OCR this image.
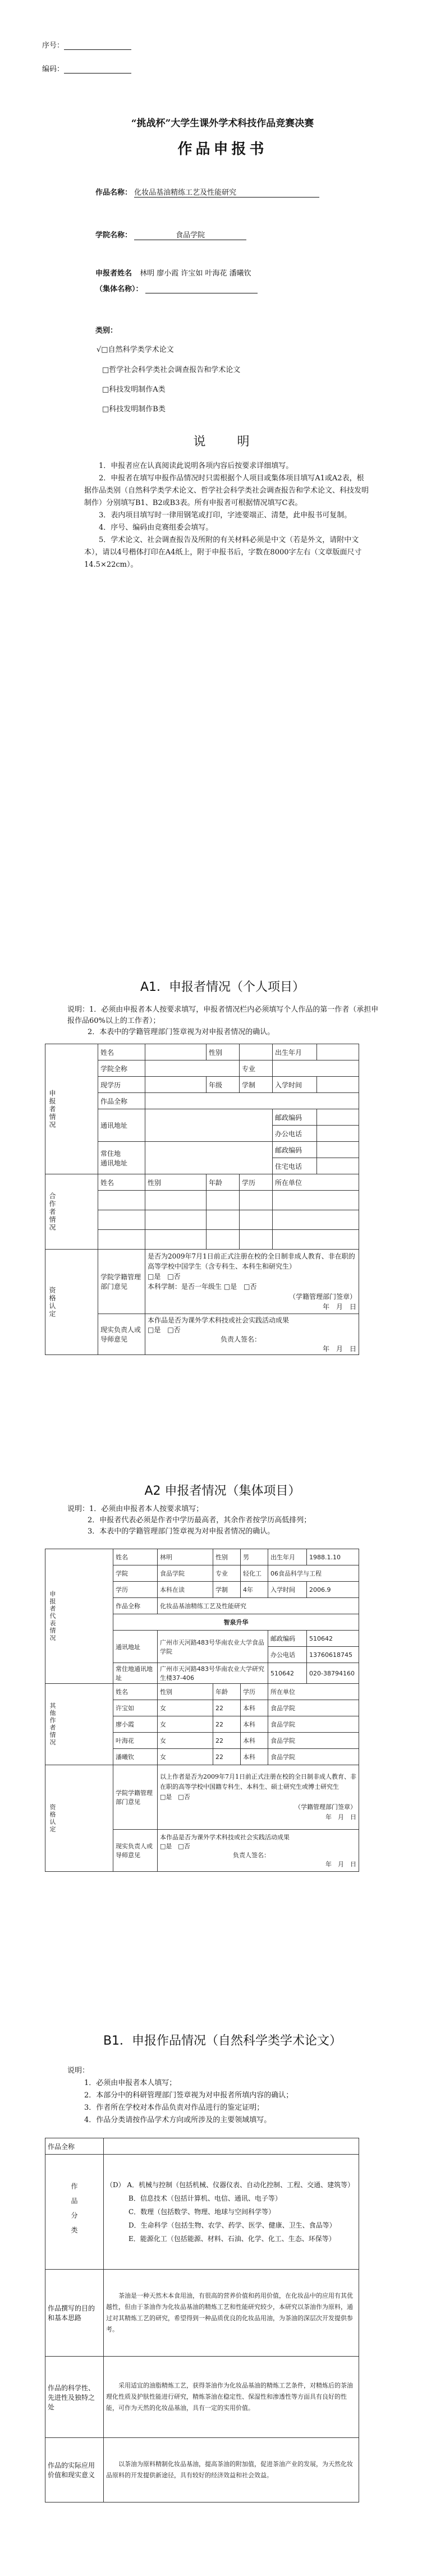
序号：
编码：
“挑战杯”大学生课外学术科技作品竞赛决赛
作品申报书
作品名称： 化妆品基油精练工艺及性能研究
学院名称：	食品学院
申报者姓名 林明 廖小霞 许宝如 叶海花 潘曦钦
（集体名称）：
类别：
√□自然科学类学术论文
□哲学社会科学类社会调查报告和学术论文
□科技发明制作A类
□科技发明制作B类
说　　明
1．申报者应在认真阅读此说明各项内容后按要求详细填写。
2．申报者在填写申报作品情况时只需根据个人项目或集体项目填写A1或A2表，根据作品类别（自然科学类学术论文、哲学社会科学类社会调查报告和学术论文、科技发明制作）分别填写B1、B2或B3表。所有申报者可根据情况填写C表。
3．表内项目填写时一律用钢笔或打印，字迹要端正、清楚，此申报书可复制。
4．序号、编码由竞赛组委会填写。
5．学术论文、社会调查报告及所附的有关材料必须是中文（若是外文，请附中文本），请以4号楷体打印在A4纸上，附于申报书后，字数在8000字左右（文章版面尺寸14.5×22cm）。
A1．申报者情况（个人项目）
说明：1．必须由申报者本人按要求填写，申报者情况栏内必须填写个人作品的第一作者（承担申报作品60%以上的工作者）；
2．本表中的学籍管理部门签章视为对申报者情况的确认。
申报者情况	姓名		性别		出生年月	
	学院全称			专业		
	现学历		年级	学制	入学时间	
	作品全称					
	通讯地址				邮政编码	
					办公电话	
	常住地
通讯地址				邮政编码	
					住宅电话	

合作者情况	姓名	性别	年龄	学历	所在单位	

资格认定	学院学籍管理部门意见	是否为2009年7月1日前正式注册在校的全日制非成人教育、非在职的高等学校中国学生（含专科生、本科生和研究生）
□是　□否
本科学制：是否一年级生 □是　□否
（学籍管理部门签章）
年　月　日				

	现实负责人或导师意见	本作品是否为课外学术科技或社会实践活动成果
□是　□否
负责人签名：
年　月　日				
A2 申报者情况（集体项目）
说明：1．必须由申报者本人按要求填写；
2．申报者代表必须是作者中学历最高者，其余作者按学历高低排列；
3．本表中的学籍管理部门签章视为对申报者情况的确认。
申报者代表情况	姓名	林明	性别	男	出生年月	1988.1.10
	学院	食品学院	专业	轻化工	06食品科学与工程	
	学历	本科在读	学制	4年	入学时间	2006.9
	作品全称	化妆品基油精练工艺及性能研究				
	智泉升华					
	通讯地址	广州市天河路483号华南农业大学食品学院			邮政编码	510642
					办公电话	13760618745
	常住地通讯地址	广州市天河路483号华南农业大学研究生楼37-406			510642	020-38794160

其他作者情况	姓名	性别	年龄	学历	所在单位	
	许宝如	女	22	本科	食品学院	
	廖小霞	女	22	本科	食品学院	
	叶海花	女	22	本科	食品学院	
	潘曦钦	女	22	本科	食品学院	

资格认定	学院学籍管理部门意见	以上作者是否为2009年7月1日前正式注册在校的全日制非成人教育、非在职的高等学校中国籍专科生、本科生、硕士研究生或博士研究生
□是　□否
（学籍管理部门签章）
年　月　日				

	现实负责人或导师意见	本作品是否为课外学术科技或社会实践活动成果
□是　□否
负责人签名：
年　月　日				
B1．申报作品情况（自然科学类学术论文）
说明：
1．必须由申报者本人填写；
2．本部分中的科研管理部门签章视为对申报者所填内容的确认；
3．作者所在学校对本作品负责对作品进行的鉴定证明；
4．作品分类请按作品学术方向或所涉及的主要领域填写。
作品全称	

作品分类	（D） A．机械与控制（包括机械、仪器仪表、自动化控制、工程、交通、建筑等）
B．信息技术（包括计算机、电信、通讯、电子等）
C．数理（包括数学、物理、地球与空间科学等）
D．生命科学（包括生物、农学、药学、医学、健康、卫生、食品等）
E．能源化工（包括能源、材料、石油、化学、化工、生态、环保等）

作品撰写的目的和基本思路	茶油是一种天然木本食用油，有很高的营养价值和药用价值，在化妆品中的应用有其优越性，但由于茶油作为化妆品基油的精炼工艺和性能研究较少，本研究以茶油作为原料，通过对其精炼工艺的研究，希望得到一种品质优良的化妆品用油，为茶油的深层次开发提供参考。
作品的科学性、先进性及独特之处	采用适宜的油脂精炼工艺，获得茶油作为化妆品基油的精炼工艺条件，对精炼后的茶油理化性质及护肤性能进行研究，精炼茶油在稳定性、保湿性和渗透性等方面具有良好的性能，可作为天然的化妆品基油，具有一定的实用价值。
作品的实际应用价值和现实意义	以茶油为原料精制化妆品基油，提高茶油的附加值，促进茶油产业的发展，为天然化妆品原料的开发提供新途径，具有较好的经济效益和社会效益。
